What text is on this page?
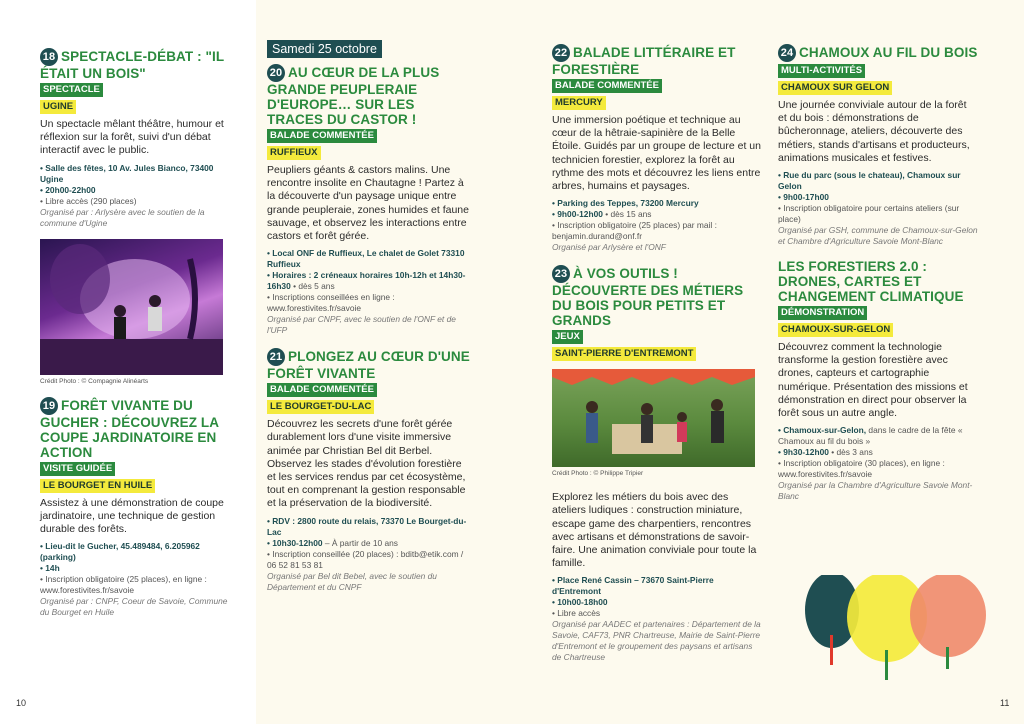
18 SPECTACLE-DÉBAT : "IL ÉTAIT UN BOIS"
SPECTACLE
UGINE

Un spectacle mêlant théâtre, humour et réflexion sur la forêt, suivi d'un débat interactif avec le public.

• Salle des fêtes, 10 Av. Jules Bianco, 73400 Ugine
• 20h00-22h00
• Libre accès (290 places)
Organisé par : Arlysère avec le soutien de la commune d'Ugine
Crédit Photo : © Compagnie Alinéarts
19 FORÊT VIVANTE DU GUCHER : DÉCOUVREZ LA COUPE JARDINATOIRE EN ACTION
VISITE GUIDÉE
LE BOURGET EN HUILE

Assistez à une démonstration de coupe jardinatoire, une technique de gestion durable des forêts.

• Lieu-dit le Gucher, 45.489484, 6.205962 (parking)
• 14h
• Inscription obligatoire (25 places), en ligne : www.forestivites.fr/savoie
Organisé par : CNPF, Coeur de Savoie, Commune du Bourget en Huile
Samedi 25 octobre
20 AU CŒUR DE LA PLUS GRANDE PEUPLERAIE D'EUROPE… SUR LES TRACES DU CASTOR !
BALADE COMMENTÉE
RUFFIEUX

Peupliers géants & castors malins. Une rencontre insolite en Chautagne ! Partez à la découverte d'un paysage unique entre grande peupleraie, zones humides et faune sauvage, et observez les interactions entre castors et forêt gérée.

• Local ONF de Ruffieux, Le chalet de Golet 73310 Ruffieux
• Horaires : 2 créneaux horaires 10h-12h et 14h30-16h30 • dès 5 ans
• Inscriptions conseillées en ligne : www.forestivites.fr/savoie
Organisé par CNPF, avec le soutien de l'ONF et de l'UFP
21 PLONGEZ AU CŒUR D'UNE FORÊT VIVANTE
BALADE COMMENTÉE
LE BOURGET-DU-LAC

Découvrez les secrets d'une forêt gérée durablement lors d'une visite immersive animée par Christian Bel dit Berbel. Observez les stades d'évolution forestière et les services rendus par cet écosystème, tout en comprenant la gestion responsable et la préservation de la biodiversité.

• RDV : 2800 route du relais, 73370 Le Bourget-du-Lac
• 10h30-12h00 – À partir de 10 ans
• Inscription conseillée (20 places) : bditb@etik.com / 06 52 81 53 81
Organisé par Bel dit Bebel, avec le soutien du Département et du CNPF
22 BALADE LITTÉRAIRE ET FORESTIÈRE
BALADE COMMENTÉE
MERCURY

Une immersion poétique et technique au cœur de la hêtraie-sapinière de la Belle Étoile. Guidés par un groupe de lecture et un technicien forestier, explorez la forêt au rythme des mots et découvrez les liens entre arbres, humains et paysages.

• Parking des Teppes, 73200 Mercury
• 9h00-12h00 • dès 15 ans
• Inscription obligatoire (25 places) par mail : benjamin.durand@onf.fr
Organisé par Arlysère et l'ONF
23 À VOS OUTILS ! DÉCOUVERTE DES MÉTIERS DU BOIS POUR PETITS ET GRANDS
JEUX
SAINT-PIERRE D'ENTREMONT
Crédit Photo : © Philippe Tripier

Explorez les métiers du bois avec des ateliers ludiques : construction miniature, escape game des charpentiers, rencontres avec artisans et démonstrations de savoir-faire. Une animation conviviale pour toute la famille.

• Place René Cassin – 73670 Saint-Pierre d'Entremont
• 10h00-18h00
• Libre accès
Organisé par AADEC et partenaires : Département de la Savoie, CAF73, PNR Chartreuse, Mairie de Saint-Pierre d'Entremont et le groupement des paysans et artisans de Chartreuse
24 CHAMOUX AU FIL DU BOIS
MULTI-ACTIVITÉS
CHAMOUX SUR GELON

Une journée conviviale autour de la forêt et du bois : démonstrations de bûcheronnage, ateliers, découverte des métiers, stands d'artisans et producteurs, animations musicales et festives.

• Rue du parc (sous le chateau), Chamoux sur Gelon
• 9h00-17h00
• Inscription obligatoire pour certains ateliers (sur place)
Organisé par GSH, commune de Chamoux-sur-Gelon et Chambre d'Agriculture Savoie Mont-Blanc
LES FORESTIERS 2.0 : DRONES, CARTES ET CHANGEMENT CLIMATIQUE
DÉMONSTRATION
CHAMOUX-SUR-GELON

Découvrez comment la technologie transforme la gestion forestière avec drones, capteurs et cartographie numérique. Présentation des missions et démonstration en direct pour observer la forêt sous un autre angle.

• Chamoux-sur-Gelon, dans le cadre de la fête « Chamoux au fil du bois »
• 9h30-12h00 • dès 3 ans
• Inscription obligatoire (30 places), en ligne : www.forestivites.fr/savoie
Organisé par la Chambre d'Agriculture Savoie Mont-Blanc
10	11
